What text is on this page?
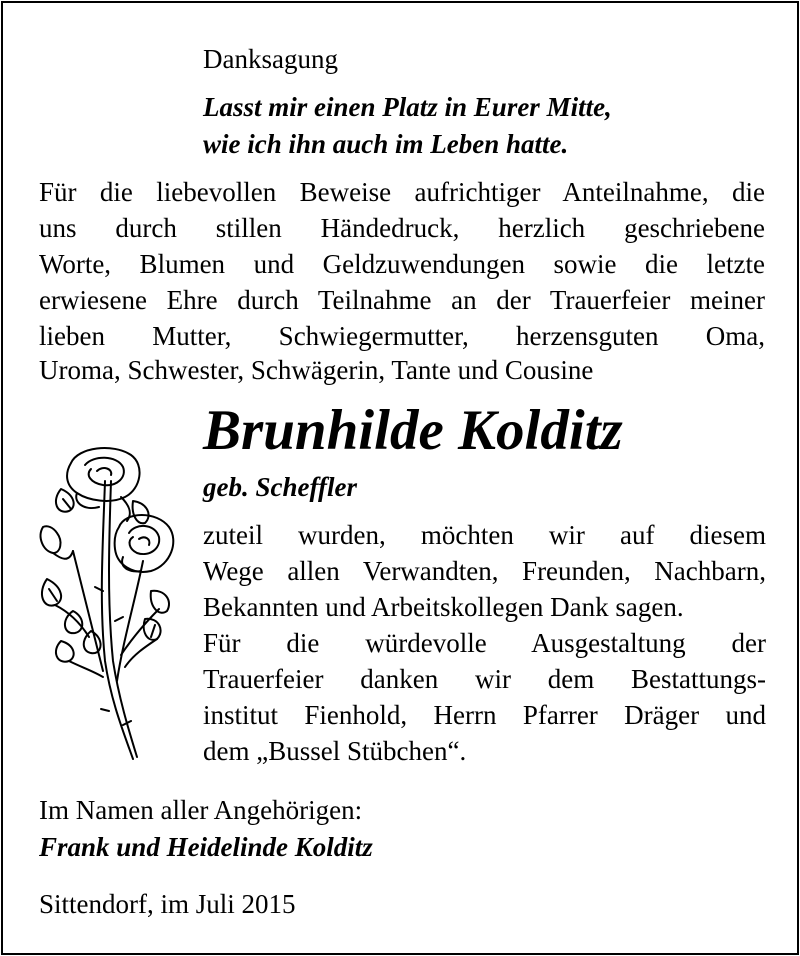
Danksagung
Lasst mir einen Platz in Eurer Mitte,
wie ich ihn auch im Leben hatte.
Für die liebevollen Beweise aufrichtiger Anteilnahme, die
uns durch stillen Händedruck, herzlich geschriebene
Worte, Blumen und Geldzuwendungen sowie die letzte
erwiesene Ehre durch Teilnahme an der Trauerfeier meiner
lieben Mutter, Schwiegermutter, herzensguten Oma,
Uroma, Schwester, Schwägerin, Tante und Cousine
Brunhilde Kolditz
geb. Scheffler
zuteil wurden, möchten wir auf diesem
Wege allen Verwandten, Freunden, Nachbarn,
Bekannten und Arbeitskollegen Dank sagen.
Für die würdevolle Ausgestaltung der
Trauerfeier danken wir dem Bestattungs-
institut Fienhold, Herrn Pfarrer Dräger und
dem „Bussel Stübchen“.
Im Namen aller Angehörigen:
Frank und Heidelinde Kolditz
Sittendorf, im Juli 2015
